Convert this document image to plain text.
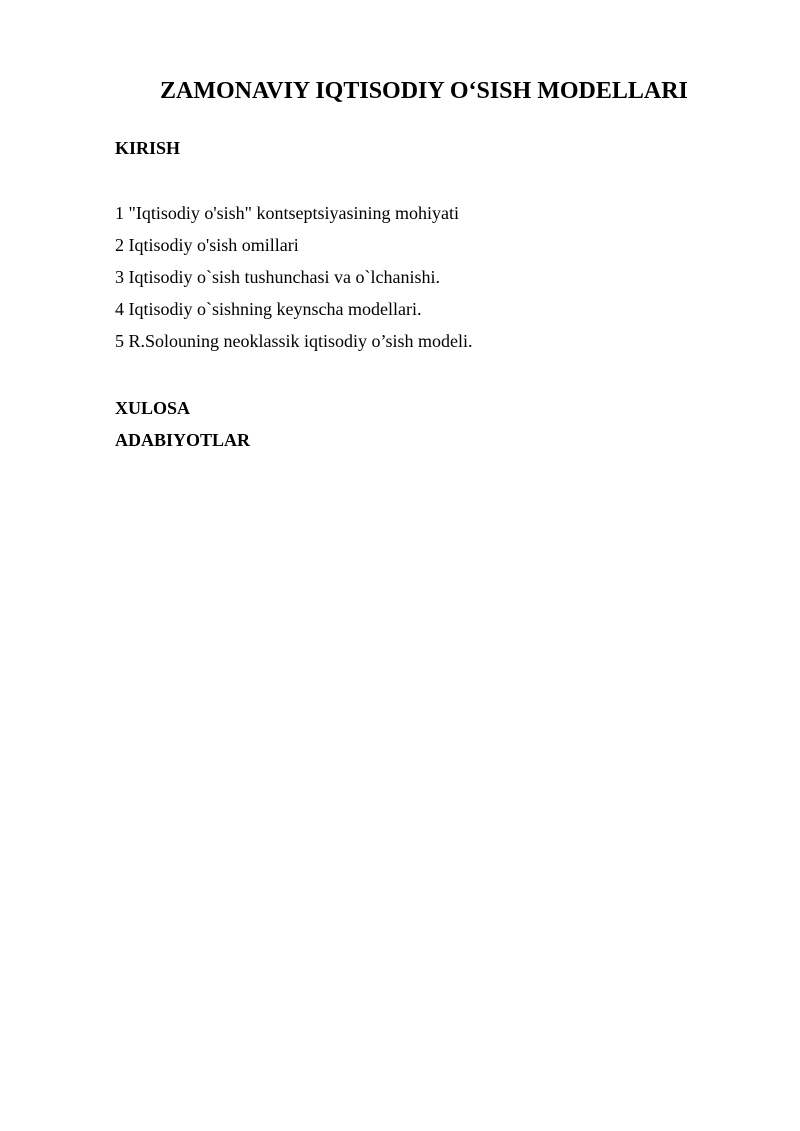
ZAMONAVIY IQTISODIY O‘SISH MODELLARI
KIRISH
1 "Iqtisodiy o'sish" kontseptsiyasining mohiyati
2 Iqtisodiy o'sish omillari
3 Iqtisodiy o`sish tushunchasi va o`lchanishi.
4 Iqtisodiy o`sishning keynscha modellari.
5 R.Solouning neoklassik iqtisodiy o’sish modeli.
XULOSA
ADABIYOTLAR
